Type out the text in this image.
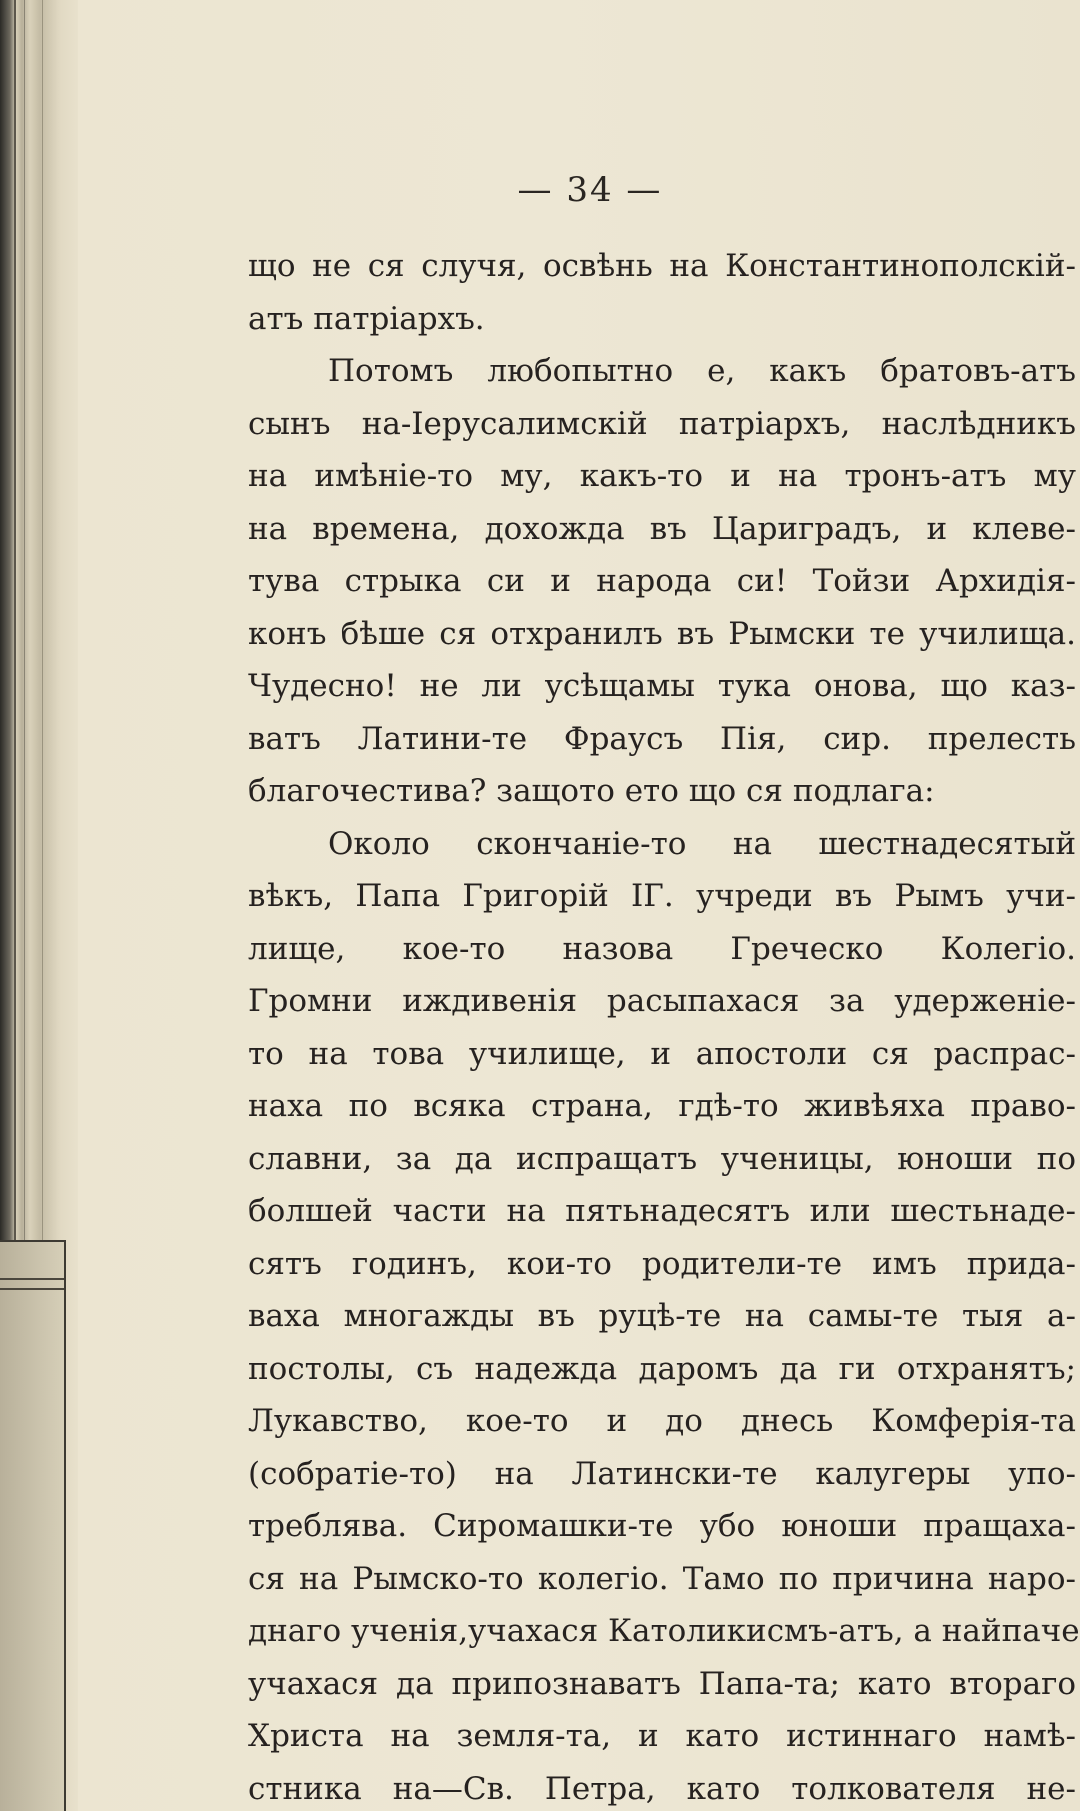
— 34 —
що не ся случя, освѣнь на Константинополскій-
атъ патріархъ.
Потомъ любопытно е, какъ братовъ-атъ
сынъ на-Iерусалимскій патріархъ, наслѣдникъ
на имѣніе-то му, какъ-то и на тронъ-атъ му
на времена, дохожда въ Цариградъ, и клеве-
тува стрыка си и народа си! Тойзи Архидія-
конъ бѣше ся отхранилъ въ Рымски те училища.
Чудесно! не ли усѣщамы тука онова, що каз-
ватъ Латини-те Фраусъ Пія, сир. прелесть
благочестива? защото ето що ся подлага:
Около скончаніе-то на шестнадесятый
вѣкъ, Папа Григорій IГ. учреди въ Рымъ учи-
лище, кое-то назова Греческо Колегіо.
Громни иждивенія расыпахася за удерженіе-
то на това училище, и апостоли ся распрас-
наха по всяка страна, гдѣ-то живѣяха право-
славни, за да испращатъ ученицы, юноши по
болшей части на пятьнадесятъ или шестьнаде-
сятъ годинъ, кои-то родители-те имъ прида-
ваха многажды въ руцѣ-те на самы-те тыя а-
постолы, съ надежда даромъ да ги отхранятъ;
Лукавство, кое-то и до днесь Комферія-та
(собратіе-то) на Латински-те калугеры упо-
треблява. Сиромашки-те убо юноши пращаха-
ся на Рымско-то колегіо. Тамо по причина наро-
днаго ученія,учахася Католикисмъ-атъ, а найпаче
учахася да припознаватъ Папа-та; като втораго
Христа на земля-та, и като истиннаго намѣ-
стника на—Св. Петра, като толкователя не-
